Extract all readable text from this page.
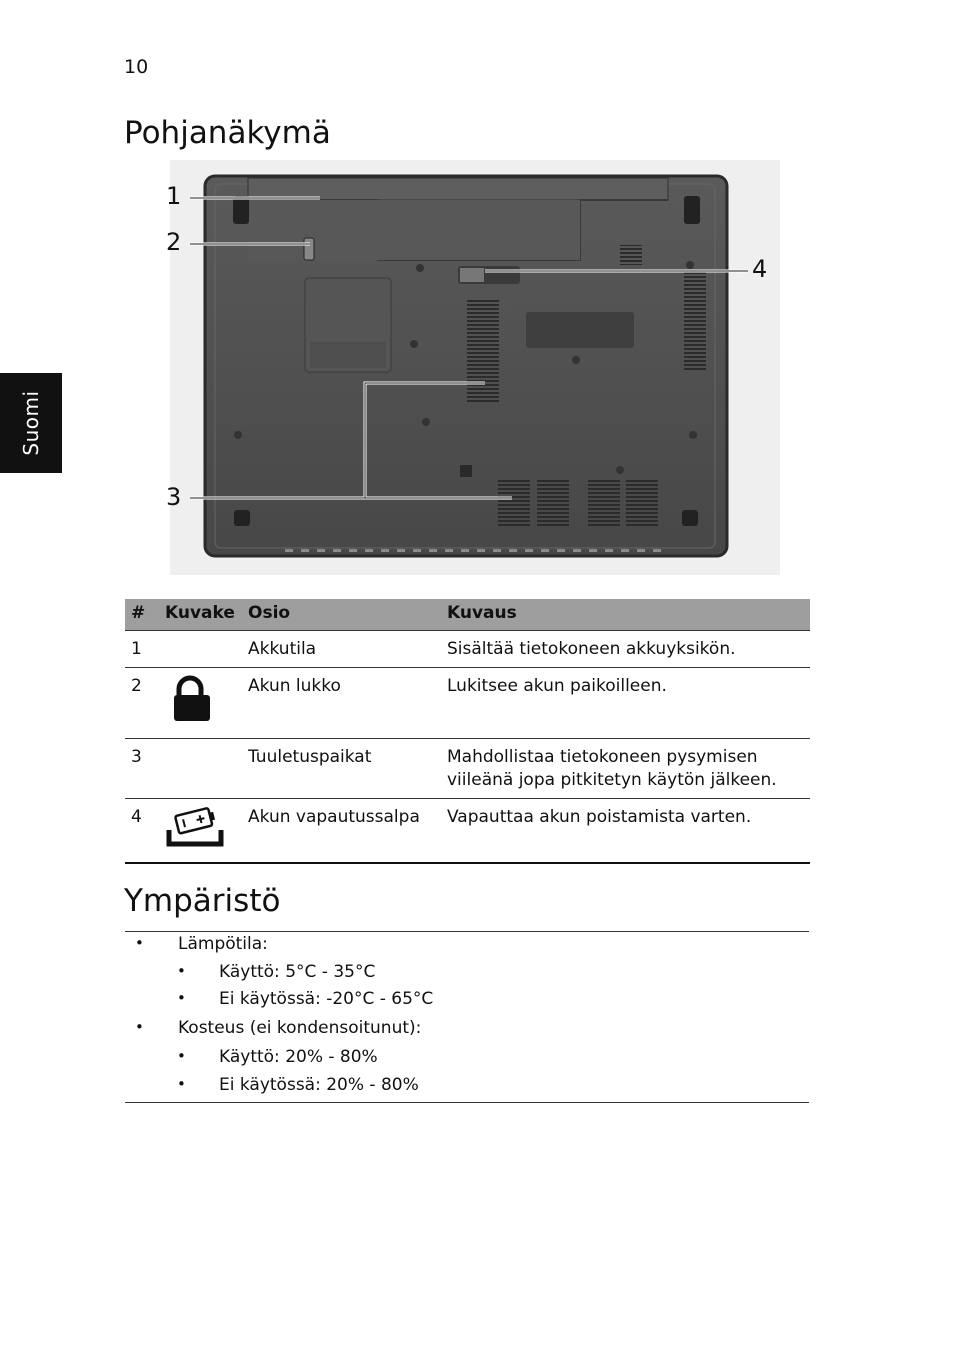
10
Suomi
Pohjanäkymä
1
2
3
4
#	Kuvake	Osio	Kuvaus
1		Akkutila	Sisältää tietokoneen akkuyksikön.
2		Akun lukko	Lukitsee akun paikoilleen.
3		Tuuletuspaikat	Mahdollistaa tietokoneen pysymisen viileänä jopa pitkitetyn käytön jälkeen.
4		Akun vapautussalpa	Vapauttaa akun poistamista varten.
Ympäristö
• Lämpötila:
• Käyttö: 5°C - 35°C
• Ei käytössä: -20°C - 65°C
• Kosteus (ei kondensoitunut):
• Käyttö: 20% - 80%
• Ei käytössä: 20% - 80%
